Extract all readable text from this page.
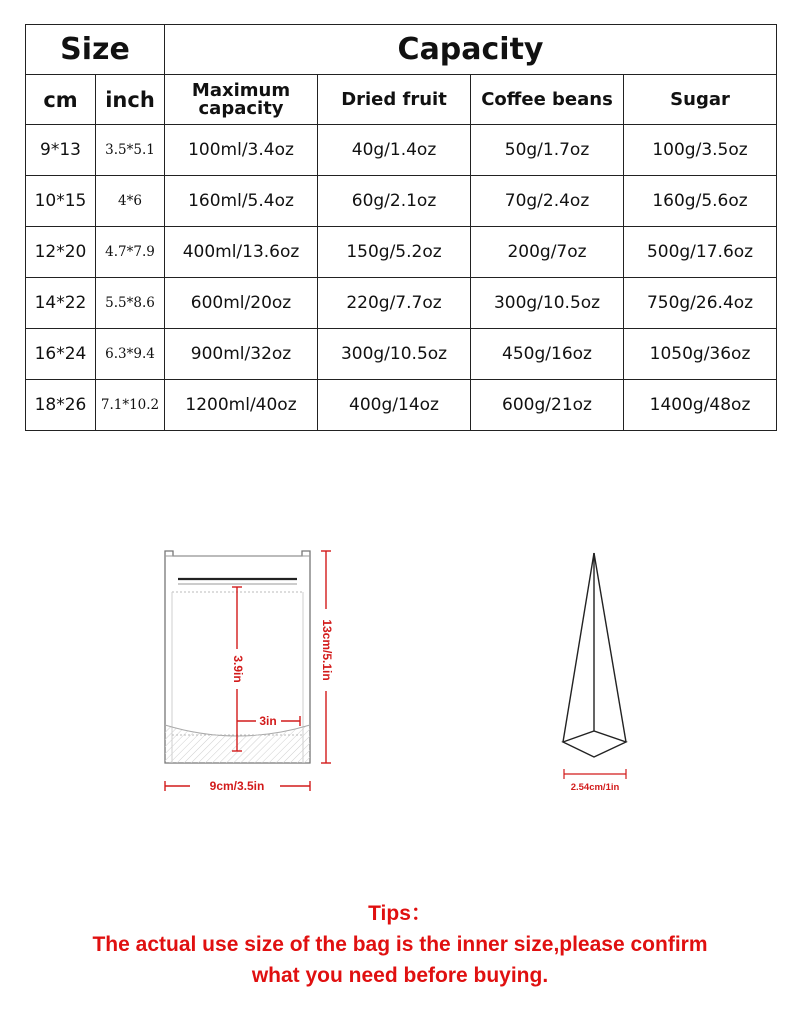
Size		Capacity			
cm	inch	Maximum capacity	Dried fruit	Coffee beans	Sugar
9*13	3.5*5.1	100ml/3.4oz	40g/1.4oz	50g/1.7oz	100g/3.5oz
10*15	4*6	160ml/5.4oz	60g/2.1oz	70g/2.4oz	160g/5.6oz
12*20	4.7*7.9	400ml/13.6oz	150g/5.2oz	200g/7oz	500g/17.6oz
14*22	5.5*8.6	600ml/20oz	220g/7.7oz	300g/10.5oz	750g/26.4oz
16*24	6.3*9.4	900ml/32oz	300g/10.5oz	450g/16oz	1050g/36oz
18*26	7.1*10.2	1200ml/40oz	400g/14oz	600g/21oz	1400g/48oz
3.9in
3in
13cm/5.1in
9cm/3.5in	2.54cm/1in
Tips：
The actual use size of the bag is the inner size,please confirm
what you need before buying.
